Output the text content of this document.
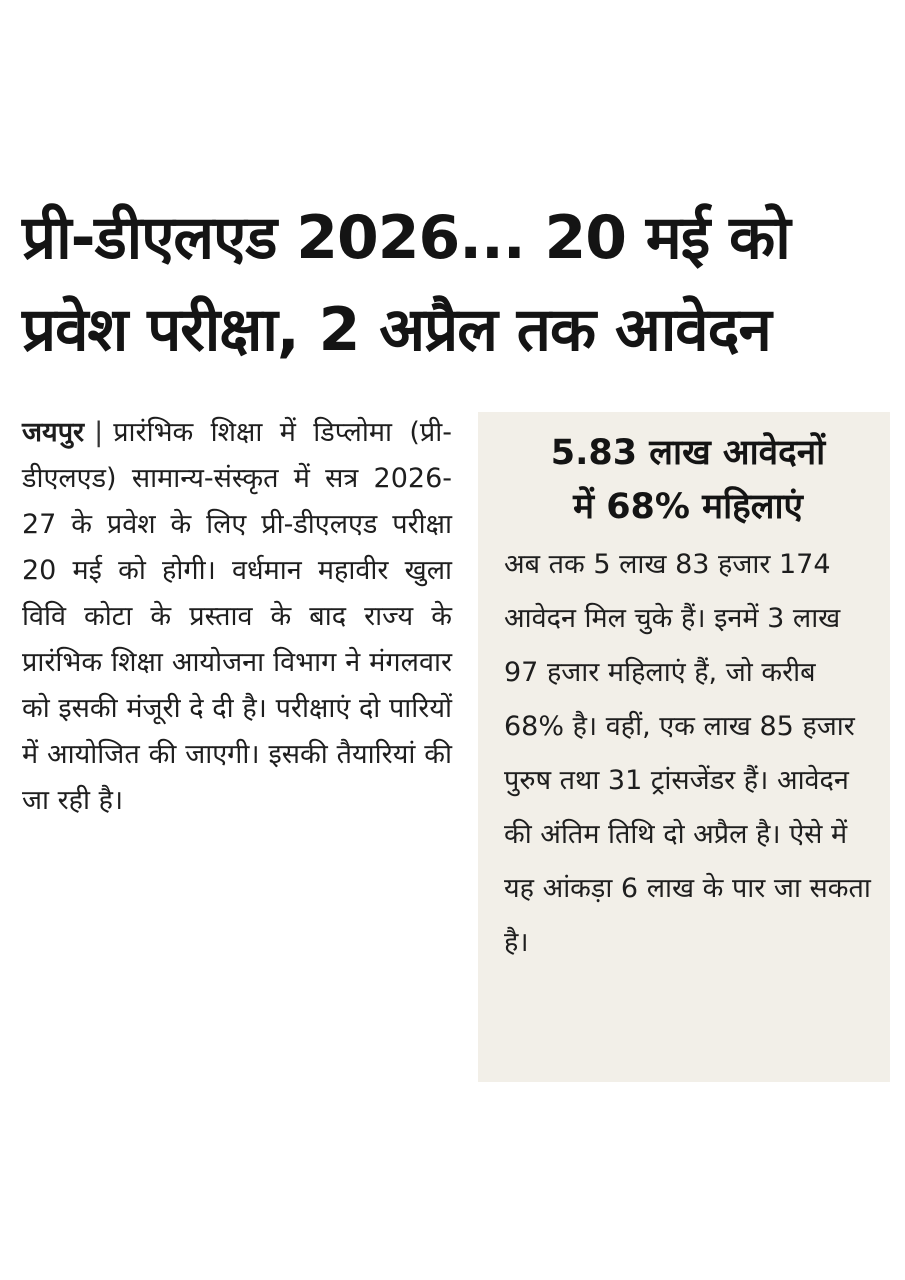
प्री-डीएलएड 2026... 20 मई को
प्रवेश परीक्षा, 2 अप्रैल तक आवेदन
जयपुर | प्रारंभिक शिक्षा में डिप्लोमा (प्री-डीएलएड) सामान्य-संस्कृत में सत्र 2026-27 के प्रवेश के लिए प्री-डीएलएड परीक्षा 20 मई को होगी। वर्धमान महावीर खुला विवि कोटा के प्रस्ताव के बाद राज्य के प्रारंभिक शिक्षा आयोजना विभाग ने मंगलवार को इसकी मंजूरी दे दी है। परीक्षाएं दो पारियों में आयोजित की जाएगी। इसकी तैयारियां की जा रही है।
5.83 लाख आवेदनों
में 68% महिलाएं
अब तक 5 लाख 83 हजार 174 आवेदन मिल चुके हैं। इनमें 3 लाख 97 हजार महिलाएं हैं, जो करीब 68% है। वहीं, एक लाख 85 हजार पुरुष तथा 31 ट्रांसजेंडर हैं। आवेदन की अंतिम तिथि दो अप्रैल है। ऐसे में यह आंकड़ा 6 लाख के पार जा सकता है।
